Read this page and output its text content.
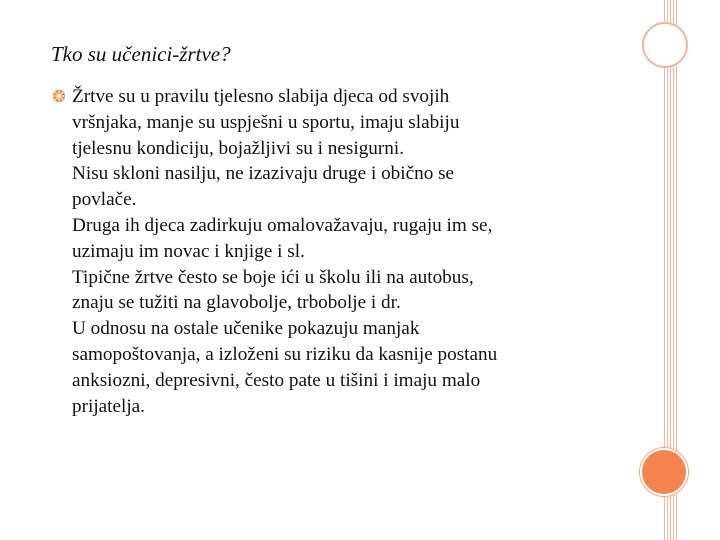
Tko su učenici-žrtve?
Žrtve su u pravilu tjelesno slabija djeca od svojih
vršnjaka, manje su uspješni u sportu, imaju slabiju
tjelesnu kondiciju, bojažljivi su i nesigurni.
Nisu skloni nasilju, ne izazivaju druge i obično se
povlače.
Druga ih djeca zadirkuju omalovažavaju, rugaju im se,
uzimaju im novac i knjige i sl.
Tipične žrtve često se boje ići u školu ili na autobus,
znaju se tužiti na glavobolje, trbobolje i dr.
U odnosu na ostale učenike pokazuju manjak
samopoštovanja, a izloženi su riziku da kasnije postanu
anksiozni, depresivni, često pate u tišini i imaju malo
prijatelja.
